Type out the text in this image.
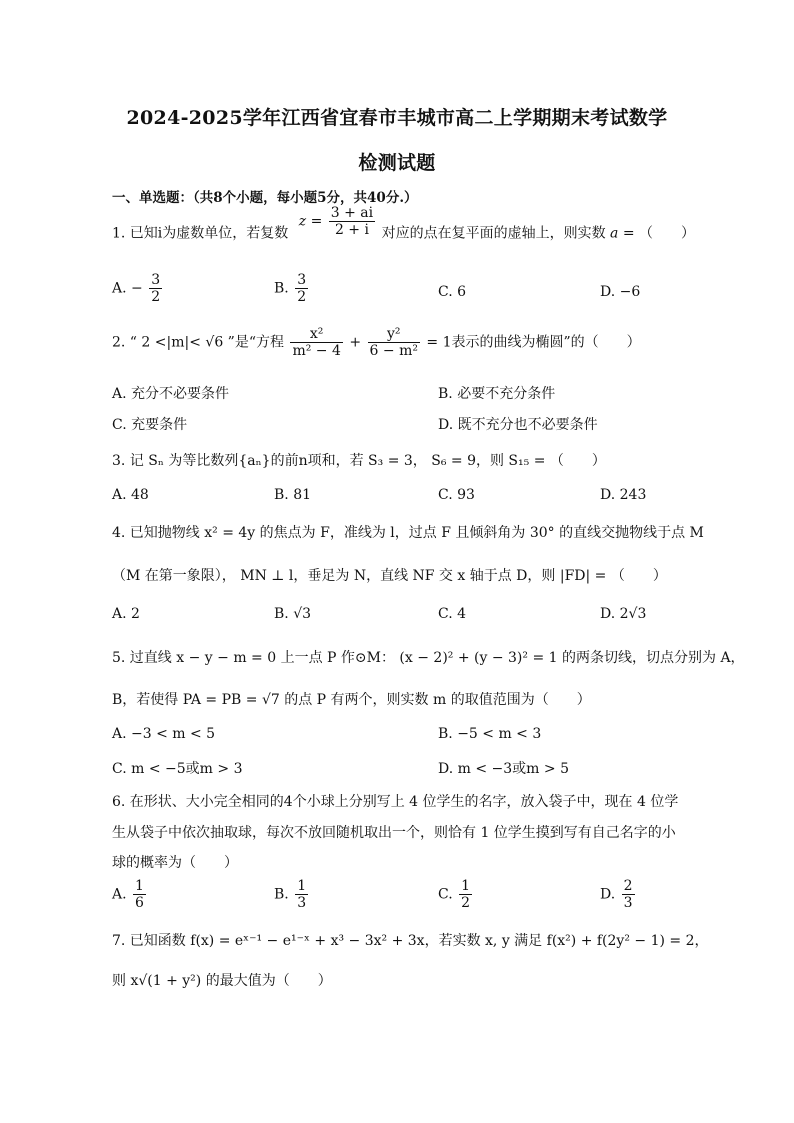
2024-2025学年江西省宜春市丰城市高二上学期期末考试数学
检测试题
一、单选题：（共8个小题，每小题5分，共40分.）
1. 已知i为虚数单位，若复数 $z = \frac{3 + ai}{2 + i}$ 对应的点在复平面的虚轴上，则实数 a = （　　）
A. − $\frac{3}{2}$	B. $\frac{3}{2}$	C. 6	D. −6
2. “ 2 <|m|< √6 ”是“方程 $\frac{\text{x²}}{\text{m² − 4}} + \frac{\text{y²}}{\text{6 − m²}} = 1$表示的曲线为椭圆”的（　　）
A. 充分不必要条件	B. 必要不充分条件
C. 充要条件	D. 既不充分也不必要条件
3. 记 Sₙ 为等比数列{aₙ}的前n项和，若 S₃ = 3， S₆ = 9，则 S₁₅ = （　　）
A. 48	B. 81	C. 93	D. 243
4. 已知抛物线 x² = 4y 的焦点为 F，准线为 l，过点 F 且倾斜角为 30° 的直线交抛物线于点 M
（M 在第一象限）， MN ⊥ l，垂足为 N，直线 NF 交 x 轴于点 D，则 |FD| = （　　）
A. 2	B. √3	C. 4	D. 2√3
5. 过直线 x − y − m = 0 上一点 P 作⊙M： (x − 2)² + (y − 3)² = 1 的两条切线，切点分别为 A，
B，若使得 PA = PB = √7 的点 P 有两个，则实数 m 的取值范围为（　　）
A. −3 < m < 5	B. −5 < m < 3
C. m < −5或m > 3	D. m < −3或m > 5
6. 在形状、大小完全相同的4个小球上分别写上 4 位学生的名字，放入袋子中，现在 4 位学
生从袋子中依次抽取球，每次不放回随机取出一个，则恰有 1 位学生摸到写有自己名字的小
球的概率为（　　）
A. $\frac{1}{6}$	B. $\frac{1}{3}$	C. $\frac{1}{2}$	D. $\frac{2}{3}$
7. 已知函数 f(x) = eˣ⁻¹ − e¹⁻ˣ + x³ − 3x² + 3x，若实数 x, y 满足 f(x²) + f(2y² − 1) = 2，
则 x√(1 + y²) 的最大值为（　　）
